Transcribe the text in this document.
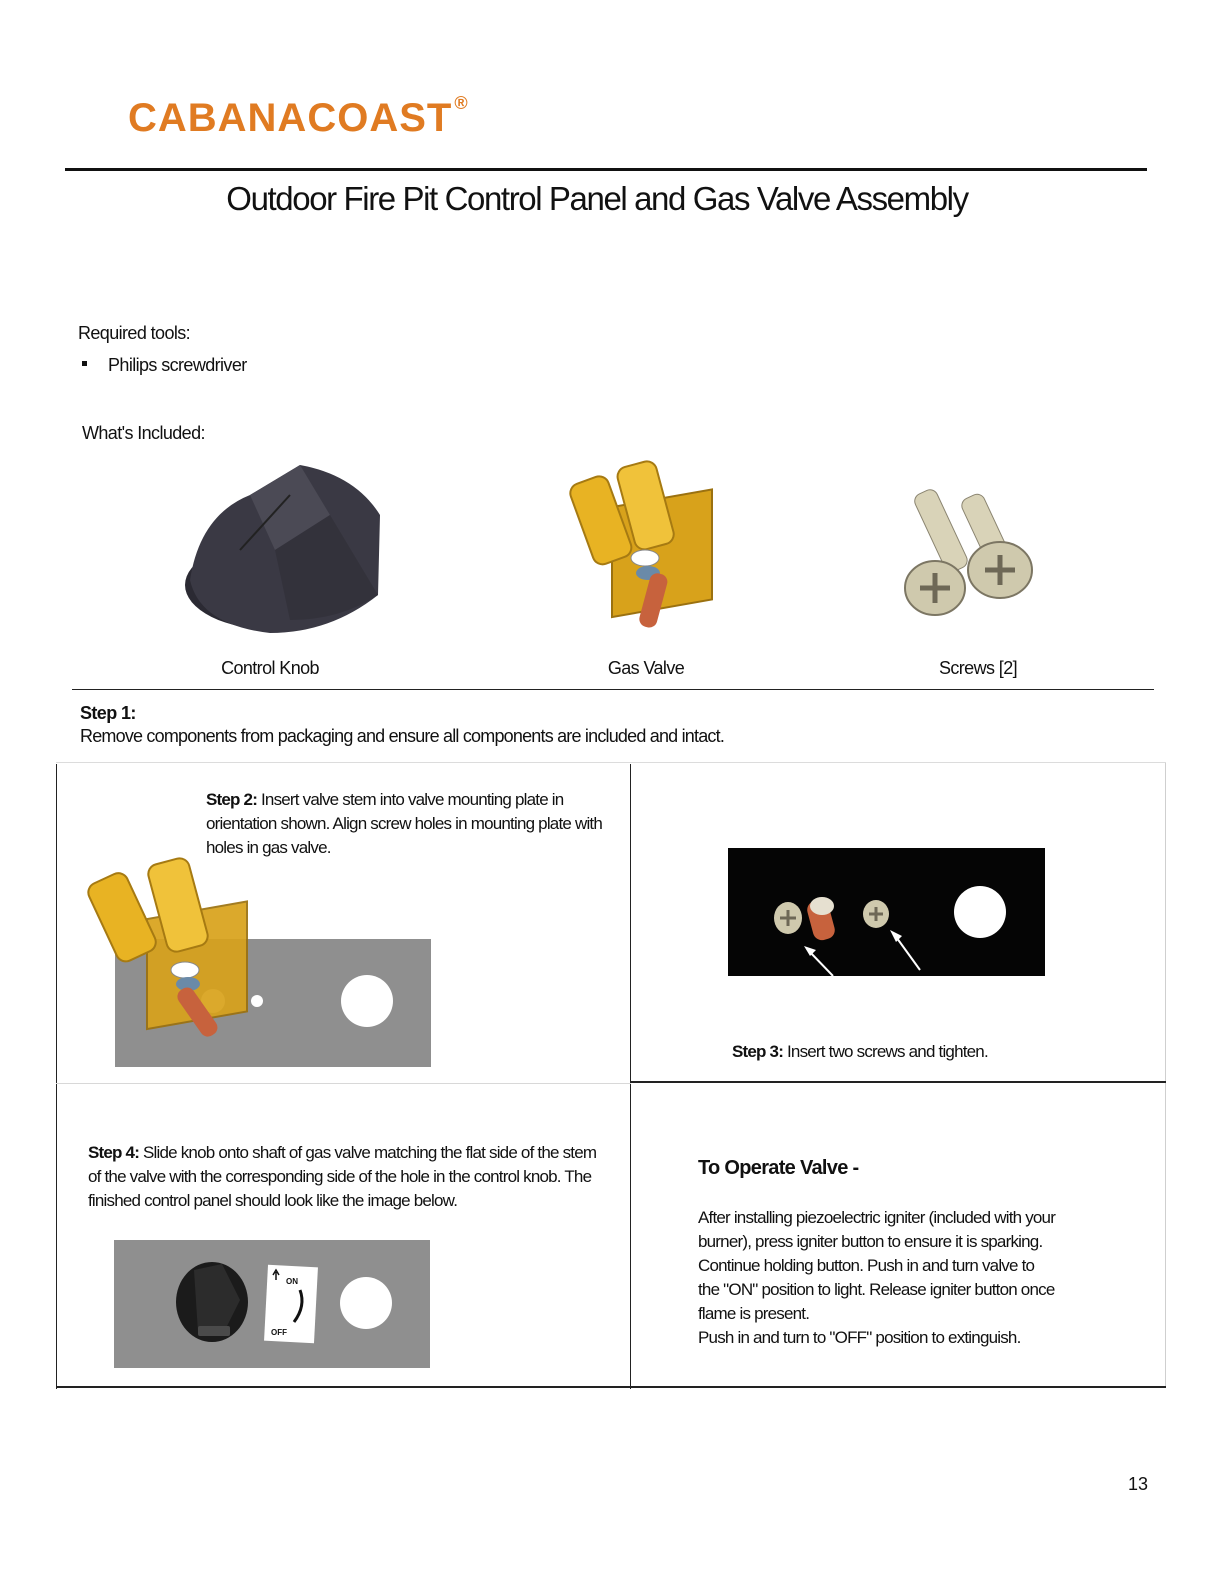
CABANACOAST ®
Outdoor Fire Pit Control Panel and Gas Valve Assembly
Required tools:
Philips screwdriver
What's Included:
Control Knob	Gas Valve	Screws [2]
Step 1:
Remove components from packaging and ensure all components are included and intact.
Step 2: Insert valve stem into valve mounting plate in orientation shown. Align screw holes in mounting plate with holes in gas valve.
Step 3: Insert two screws and tighten.
Step 4: Slide knob onto shaft of gas valve matching the flat side of the stem of the valve with the corresponding side of the hole in the control knob. The finished control panel should look like the image below.
ON
OFF
To Operate Valve -
After installing piezoelectric igniter (included with your
burner), press igniter button to ensure it is sparking.
Continue holding button. Push in and turn valve to
the "ON" position to light. Release igniter button once
flame is present.
Push in and turn to "OFF" position to extinguish.
13
